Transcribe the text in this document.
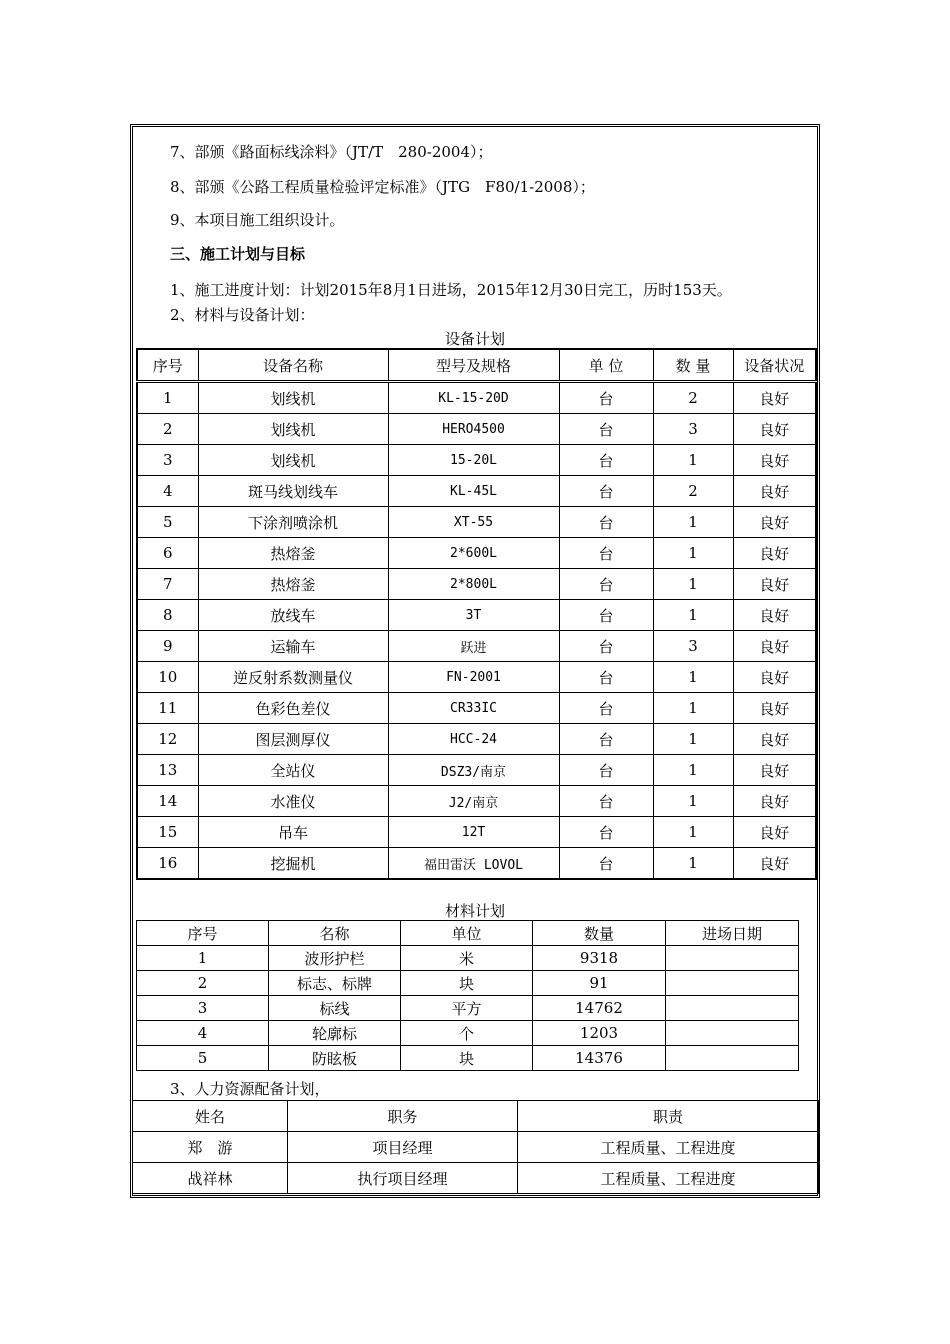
7、部颁《路面标线涂料》（JT/T　280-2004）；
8、部颁《公路工程质量检验评定标准》（JTG　F80/1-2008）；
9、本项目施工组织设计。
三、施工计划与目标
1、施工进度计划：计划2015年8月1日进场，2015年12月30日完工，历时153天。
2、材料与设备计划：
设备计划
序号	设备名称	型号及规格	单 位	数 量	设备状况
1	划线机	KL-15-20D	台	2	良好
2	划线机	HERO4500	台	3	良好
3	划线机	15-20L	台	1	良好
4	斑马线划线车	KL-45L	台	2	良好
5	下涂剂喷涂机	XT-55	台	1	良好
6	热熔釜	2*600L	台	1	良好
7	热熔釜	2*800L	台	1	良好
8	放线车	3T	台	1	良好
9	运输车	跃进	台	3	良好
10	逆反射系数测量仪	FN-2001	台	1	良好
11	色彩色差仪	CR33IC	台	1	良好
12	图层测厚仪	HCC-24	台	1	良好
13	全站仪	DSZ3/南京	台	1	良好
14	水准仪	J2/南京	台	1	良好
15	吊车	12T	台	1	良好
16	挖掘机	福田雷沃 LOVOL	台	1	良好
材料计划
序号	名称	单位	数量	进场日期
1	波形护栏	米	9318	
2	标志、标牌	块	91	
3	标线	平方	14762	
4	轮廓标	个	1203	
5	防眩板	块	14376	
3、人力资源配备计划，
姓名	职务	职责
郑　游	项目经理	工程质量、工程进度
战祥林	执行项目经理	工程质量、工程进度
